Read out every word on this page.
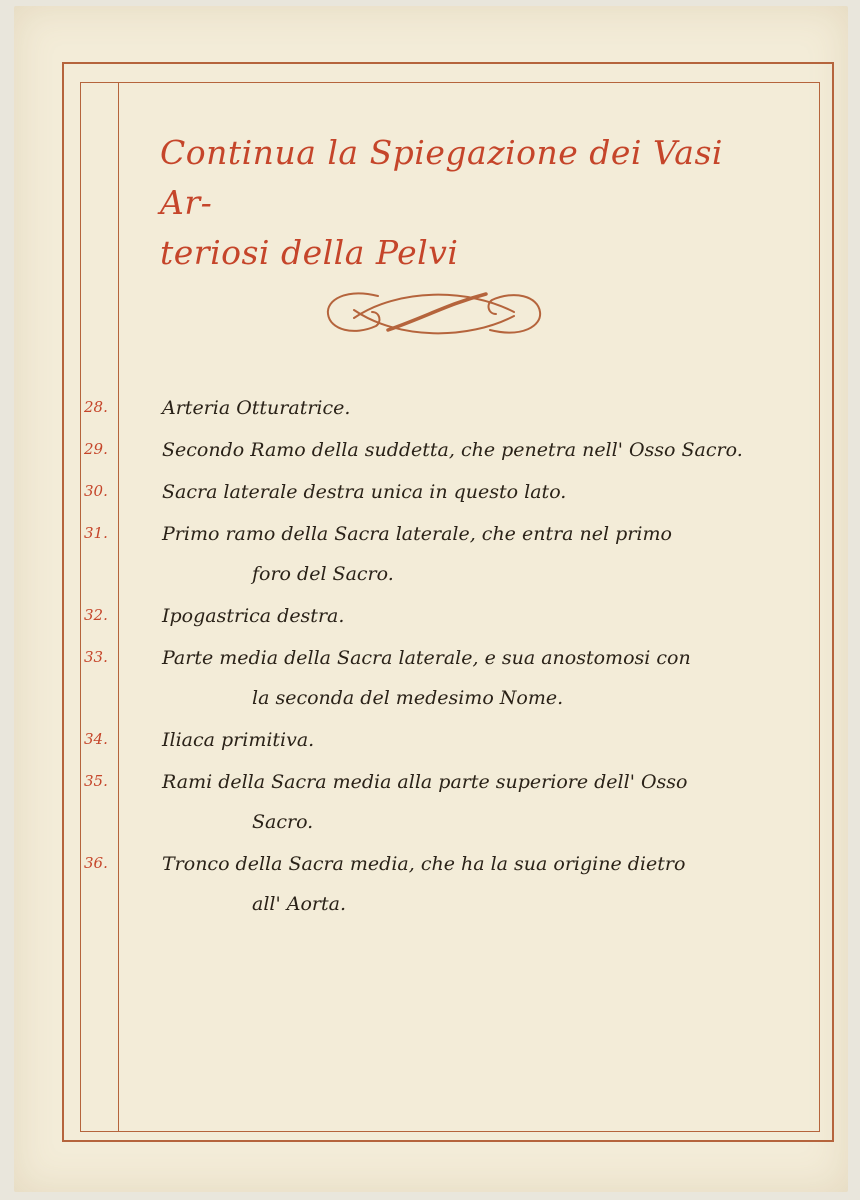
Continua la Spiegazione dei Vasi Ar-
teriosi della Pelvi
28.	Arteria Otturatrice.
29.	Secondo Ramo della suddetta, che penetra nell' Osso Sacro.
30.	Sacra laterale destra unica in questo lato.
31.	Primo ramo della Sacra laterale, che entra nel primo
foro del Sacro.
32.	Ipogastrica destra.
33.	Parte media della Sacra laterale, e sua anostomosi con
la seconda del medesimo Nome.
34.	Iliaca primitiva.
35.	Rami della Sacra media alla parte superiore dell' Osso
Sacro.
36.	Tronco della Sacra media, che ha la sua origine dietro
all' Aorta.
